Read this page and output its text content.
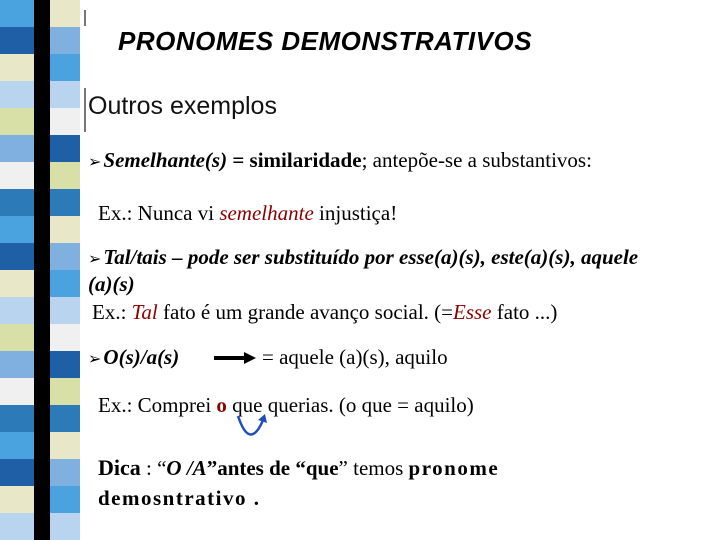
PRONOMES DEMONSTRATIVOS
Outros exemplos
➢Semelhante(s) = similaridade; antepõe-se a substantivos:
Ex.: Nunca vi semelhante injustiça!
➢Tal/tais – pode ser substituído por esse(a)(s), este(a)(s), aquele
(a)(s)
Ex.: Tal fato é um grande avanço social. (=Esse fato ...)
➢O(s)/a(s)	= aquele (a)(s), aquilo
Ex.: Comprei o que querias. (o que = aquilo)
Dica : “O /A”antes de “que” temos pronome
demosntrativo .
